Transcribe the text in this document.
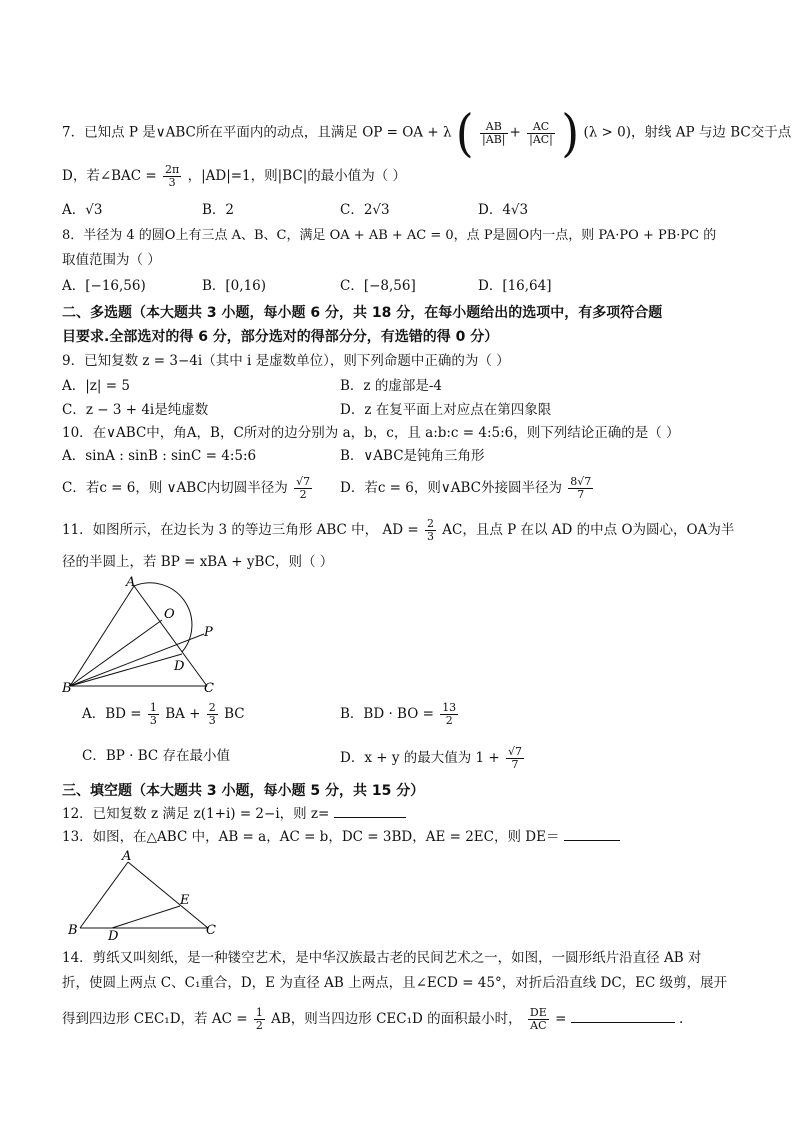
7．已知点 P 是∨ABC所在平面内的动点，且满足 OP = OA + λ ( $\frac{AB}{|AB|} + \frac{AC}{|AC|}$ ) (λ > 0)，射线 AP 与边 BC交于点
D，若∠BAC = $\frac{2\pi}{3}$ ，|AD|=1，则|BC|的最小值为（ ）
A．√3	B．2	C．2√3	D．4√3
8．半径为 4 的圆O上有三点 A、B、C，满足 OA + AB + AC = 0，点 P是圆O内一点，则 PA·PO + PB·PC 的
取值范围为（ ）
A．[−16,56)	B．[0,16)	C．[−8,56]	D．[16,64]
二、多选题（本大题共 3 小题，每小题 6 分，共 18 分，在每小题给出的选项中，有多项符合题
目要求.全部选对的得 6 分，部分选对的得部分分，有选错的得 0 分）
9．已知复数 z = 3−4i（其中 i 是虚数单位），则下列命题中正确的为（ ）
A．|z| = 5	B．z 的虚部是-4
C．z − 3 + 4i是纯虚数	D．z 在复平面上对应点在第四象限
10．在∨ABC中，角A，B，C所对的边分别为 a，b，c，且 a:b:c = 4:5:6，则下列结论正确的是（ ）
A．sinA : sinB : sinC = 4:5:6	B．∨ABC是钝角三角形
C．若c = 6，则 ∨ABC内切圆半径为 $\frac{√7}{2}$ D．若c = 6，则∨ABC外接圆半径为 $\frac{8√7}{7}$
11．如图所示，在边长为 3 的等边三角形 ABC 中， AD = $\frac{2}{3}$ AC，且点 P 在以 AD 的中点 O为圆心，OA为半
径的半圆上，若 BP = xBA + yBC，则（ ）
A
O
P
D
B	C
A．BD = $\frac{1}{3}$ BA + $\frac{2}{3}$ BC	B．BD · BO = $\frac{13}{2}$
C．BP · BC 存在最小值	D．x + y 的最大值为 $1 + \frac{√7}{7}$
三、填空题（本大题共 3 小题，每小题 5 分，共 15 分）
12．已知复数 z 满足 z(1+i) = 2−i，则 z=
13．如图，在△ABC 中，AB = a，AC = b，DC = 3BD，AE = 2EC，则 DE＝
A
E
B D	C
14．剪纸又叫刻纸，是一种镂空艺术，是中华汉族最古老的民间艺术之一，如图，一圆形纸片沿直径 AB 对
折，使圆上两点 C、C₁重合，D，E 为直径 AB 上两点，且∠ECD = 45°，对折后沿直线 DC，EC 级剪，展开
得到四边形 CEC₁D，若 AC = $\frac{1}{2}$ AB，则当四边形 CEC₁D 的面积最小时， $\frac{DE}{AC}$ =	.
